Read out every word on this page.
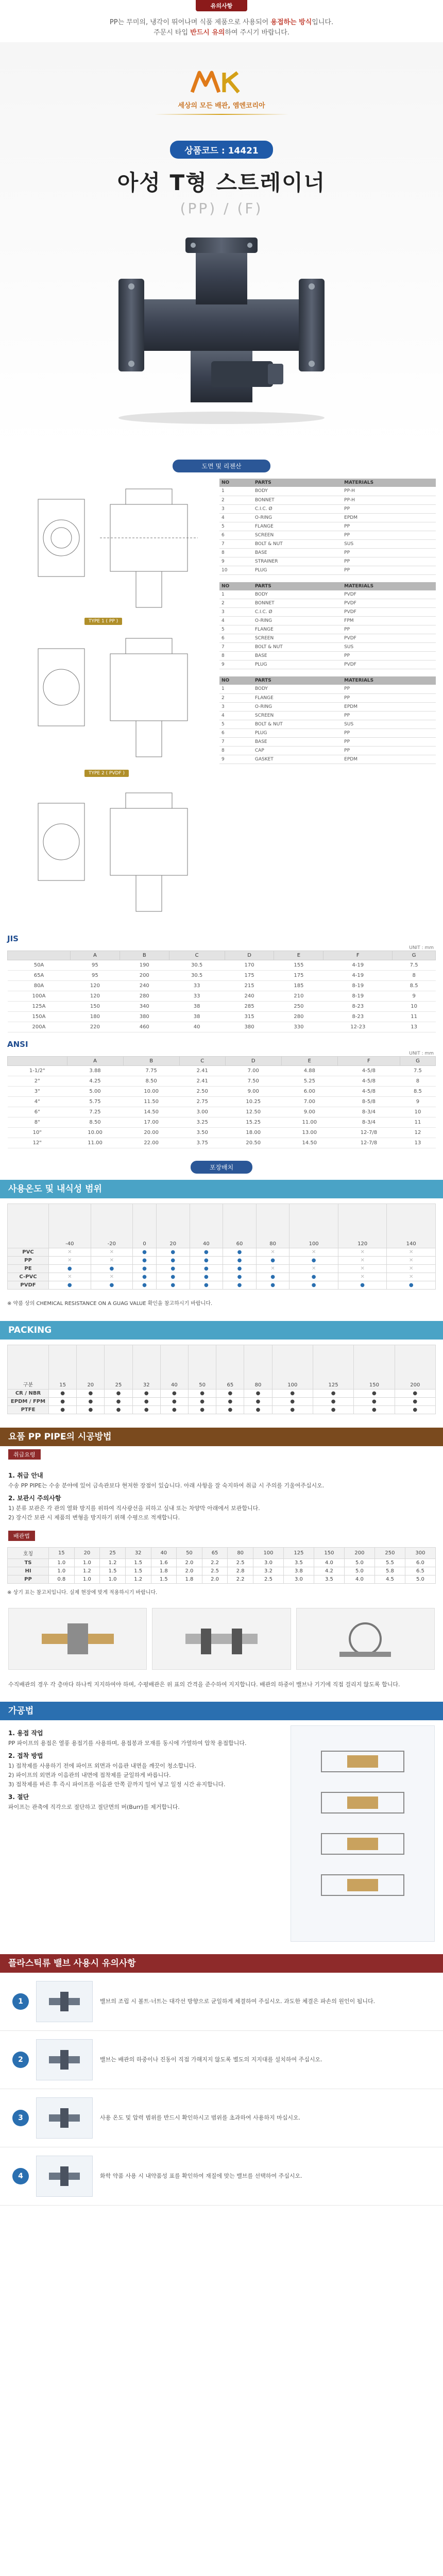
유의사항
PP는 무미의, 냉각이 뛰어나며 식품 제품으로 사용되어 용접하는 방식입니다.
주문시 타입 반드시 유의하여 주시기 바랍니다.
세상의 모든 배관, 엠엔코리아
상품코드 : 14421
아성 T형 스트레이너
(PP) / (F)
도면 및 리젠산
TYPE 1 ( PP )
TYPE 2 ( PVDF )
NO	PARTS	MATERIALS
1	BODY	PP-H
2	BONNET	PP-H
3	C.I.C. Ø	PP
4	O-RING	EPDM
5	FLANGE	PP
6	SCREEN	PP
7	BOLT & NUT	SUS
8	BASE	PP
9	STRAINER	PP
10	PLUG	PP
NO	PARTS	MATERIALS
1	BODY	PVDF
2	BONNET	PVDF
3	C.I.C. Ø	PVDF
4	O-RING	FPM
5	FLANGE	PP
6	SCREEN	PVDF
7	BOLT & NUT	SUS
8	BASE	PP
9	PLUG	PVDF
NO	PARTS	MATERIALS
1	BODY	PP
2	FLANGE	PP
3	O-RING	EPDM
4	SCREEN	PP
5	BOLT & NUT	SUS
6	PLUG	PP
7	BASE	PP
8	CAP	PP
9	GASKET	EPDM
JIS
UNIT : mm
	A	B	C	D	E	F	G
50A	95	190	30.5	170	155	4-19	7.5
65A	95	200	30.5	175	175	4-19	8
80A	120	240	33	215	185	8-19	8.5
100A	120	280	33	240	210	8-19	9
125A	150	340	38	285	250	8-23	10
150A	180	380	38	315	280	8-23	11
200A	220	460	40	380	330	12-23	13
ANSI
UNIT : mm
	A	B	C	D	E	F	G
1-1/2"	3.88	7.75	2.41	7.00	4.88	4-5/8	7.5
2"	4.25	8.50	2.41	7.50	5.25	4-5/8	8
3"	5.00	10.00	2.50	9.00	6.00	4-5/8	8.5
4"	5.75	11.50	2.75	10.25	7.00	8-5/8	9
6"	7.25	14.50	3.00	12.50	9.00	8-3/4	10
8"	8.50	17.00	3.25	15.25	11.00	8-3/4	11
10"	10.00	20.00	3.50	18.00	13.00	12-7/8	12
12"	11.00	22.00	3.75	20.50	14.50	12-7/8	13
포장배치
사용온도 및 내식성 범위
	-40	-20	0	20	40	60	80	100	120	140
PVC	✕	✕	●	●	●	●	✕	✕	✕	✕
PP	✕	✕	●	●	●	●	●	●	✕	✕
PE	●	●	●	●	●	●	✕	✕	✕	✕
C-PVC	✕	✕	●	●	●	●	●	●	✕	✕
PVDF	●	●	●	●	●	●	●	●	●	●
※ 약품 상의 CHEMICAL RESISTANCE ON A GUAG VALUE 확인을 참고하시기 바랍니다.
PACKING
구분	15	20	25	32	40	50	65	80	100	125	150	200
CR / NBR	●	●	●	●	●	●	●	●	●	●	●	●
EPDM / FPM	●	●	●	●	●	●	●	●	●	●	●	●
PTFE	●	●	●	●	●	●	●	●	●	●	●	●
요품 PP PIPE의 시공방법
취급요령
1. 취급 안내

수송 PP PIPE는 수송 분야에 있어 금속관보다 현저한 장점이 있습니다. 아래 사항을 잘 숙지하여 취급 시 주의를 기울여주십시오.

2. 보관시 주의사항

1) 분류 보관은 각 관의 열화 방지를 위하여 직사광선을 피하고 실내 또는 차양막 아래에서 보관합니다.

2) 장시간 보관 시 제품의 변형을 방지하기 위해 수평으로 적재합니다.

배관법
호칭	15	20	25	32	40	50	65	80	100	125	150	200	250	300
TS	1.0	1.0	1.2	1.5	1.6	2.0	2.2	2.5	3.0	3.5	4.0	5.0	5.5	6.0
HI	1.0	1.2	1.5	1.5	1.8	2.0	2.5	2.8	3.2	3.8	4.2	5.0	5.8	6.5
PP	0.8	1.0	1.0	1.2	1.5	1.8	2.0	2.2	2.5	3.0	3.5	4.0	4.5	5.0
※ 상기 표는 참고치입니다. 실제 현장에 맞게 적용하시기 바랍니다.
수직배관의 경우 각 층마다 하나씩 지지하여야 하며, 수평배관은 위 표의 간격을 준수하여 지지합니다. 배관의 하중이 밸브나 기기에 직접 걸리지 않도록 합니다.
가공법
1. 용접 작업

PP 파이프의 용접은 열풍 용접기를 사용하며, 용접봉과 모재를 동시에 가열하여 압착 용접합니다.

2. 접착 방법

1) 접착제를 사용하기 전에 파이프 외면과 이음관 내면을 깨끗이 청소합니다.

2) 파이프의 외면과 이음관의 내면에 접착제를 균일하게 바릅니다.

3) 접착제를 바른 후 즉시 파이프를 이음관 안쪽 끝까지 밀어 넣고 일정 시간 유지합니다.

3. 절단

파이프는 관축에 직각으로 절단하고 절단면의 버(Burr)를 제거합니다.

플라스틱류 밸브 사용시 유의사항
1	밸브의 조립 시 볼트·너트는 대각선 방향으로 균일하게 체결하여 주십시오. 과도한 체결은 파손의 원인이 됩니다.
2	밸브는 배관의 하중이나 진동이 직접 가해지지 않도록 별도의 지지대를 설치하여 주십시오.
3	사용 온도 및 압력 범위를 반드시 확인하시고 범위를 초과하여 사용하지 마십시오.
4	화학 약품 사용 시 내약품성 표를 확인하여 재질에 맞는 밸브를 선택하여 주십시오.
